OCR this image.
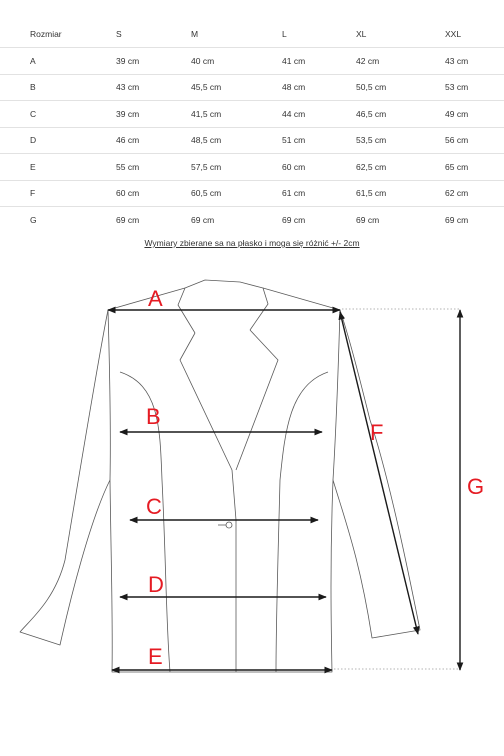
Rozmiar	S	M	L	XL	XXL
A	39 cm	40 cm	41 cm	42 cm	43 cm
B	43 cm	45,5 cm	48 cm	50,5 cm	53 cm
C	39 cm	41,5 cm	44 cm	46,5 cm	49 cm
D	46 cm	48,5 cm	51 cm	53,5 cm	56 cm
E	55 cm	57,5 cm	60 cm	62,5 cm	65 cm
F	60 cm	60,5 cm	61 cm	61,5 cm	62 cm
G	69 cm	69 cm	69 cm	69 cm	69 cm
Wymiary zbierane sa na płasko i moga się różnić +/- 2cm
A
B
C
D
E
F
G
